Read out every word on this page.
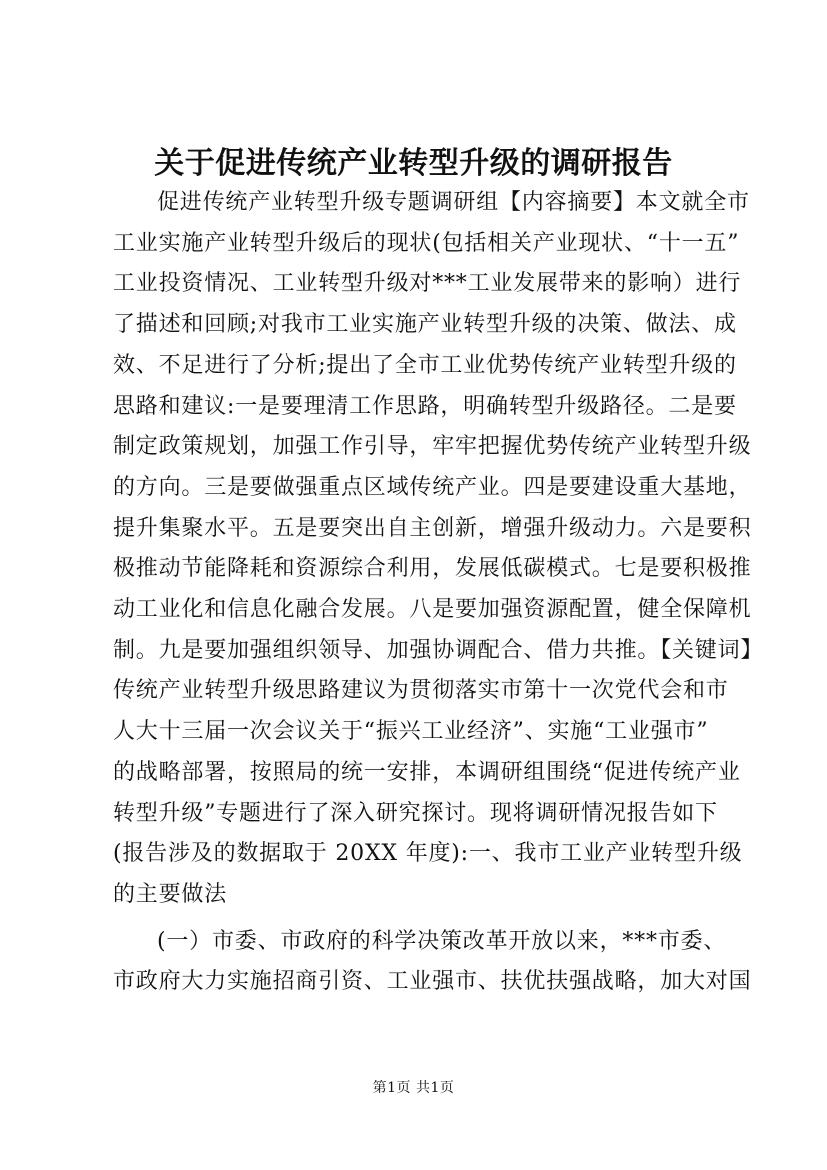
关于促进传统产业转型升级的调研报告

促进传统产业转型升级专题调研组【内容摘要】本文就全市
工业实施产业转型升级后的现状(包括相关产业现状、“十一五”
工业投资情况、工业转型升级对***工业发展带来的影响）进行
了描述和回顾;对我市工业实施产业转型升级的决策、做法、成
效、不足进行了分析;提出了全市工业优势传统产业转型升级的
思路和建议:一是要理清工作思路，明确转型升级路径。二是要
制定政策规划，加强工作引导，牢牢把握优势传统产业转型升级
的方向。三是要做强重点区域传统产业。四是要建设重大基地，
提升集聚水平。五是要突出自主创新，增强升级动力。六是要积
极推动节能降耗和资源综合利用，发展低碳模式。七是要积极推
动工业化和信息化融合发展。八是要加强资源配置，健全保障机
制。九是要加强组织领导、加强协调配合、借力共推。【关键词】
传统产业转型升级思路建议为贯彻落实市第十一次党代会和市
人大十三届一次会议关于“振兴工业经济”、实施“工业强市”
的战略部署，按照局的统一安排，本调研组围绕“促进传统产业
转型升级”专题进行了深入研究探讨。现将调研情况报告如下
(报告涉及的数据取于 20XX 年度):一、我市工业产业转型升级
的主要做法

(一）市委、市政府的科学决策改革开放以来，***市委、
市政府大力实施招商引资、工业强市、扶优扶强战略，加大对国

第1页 共1页
